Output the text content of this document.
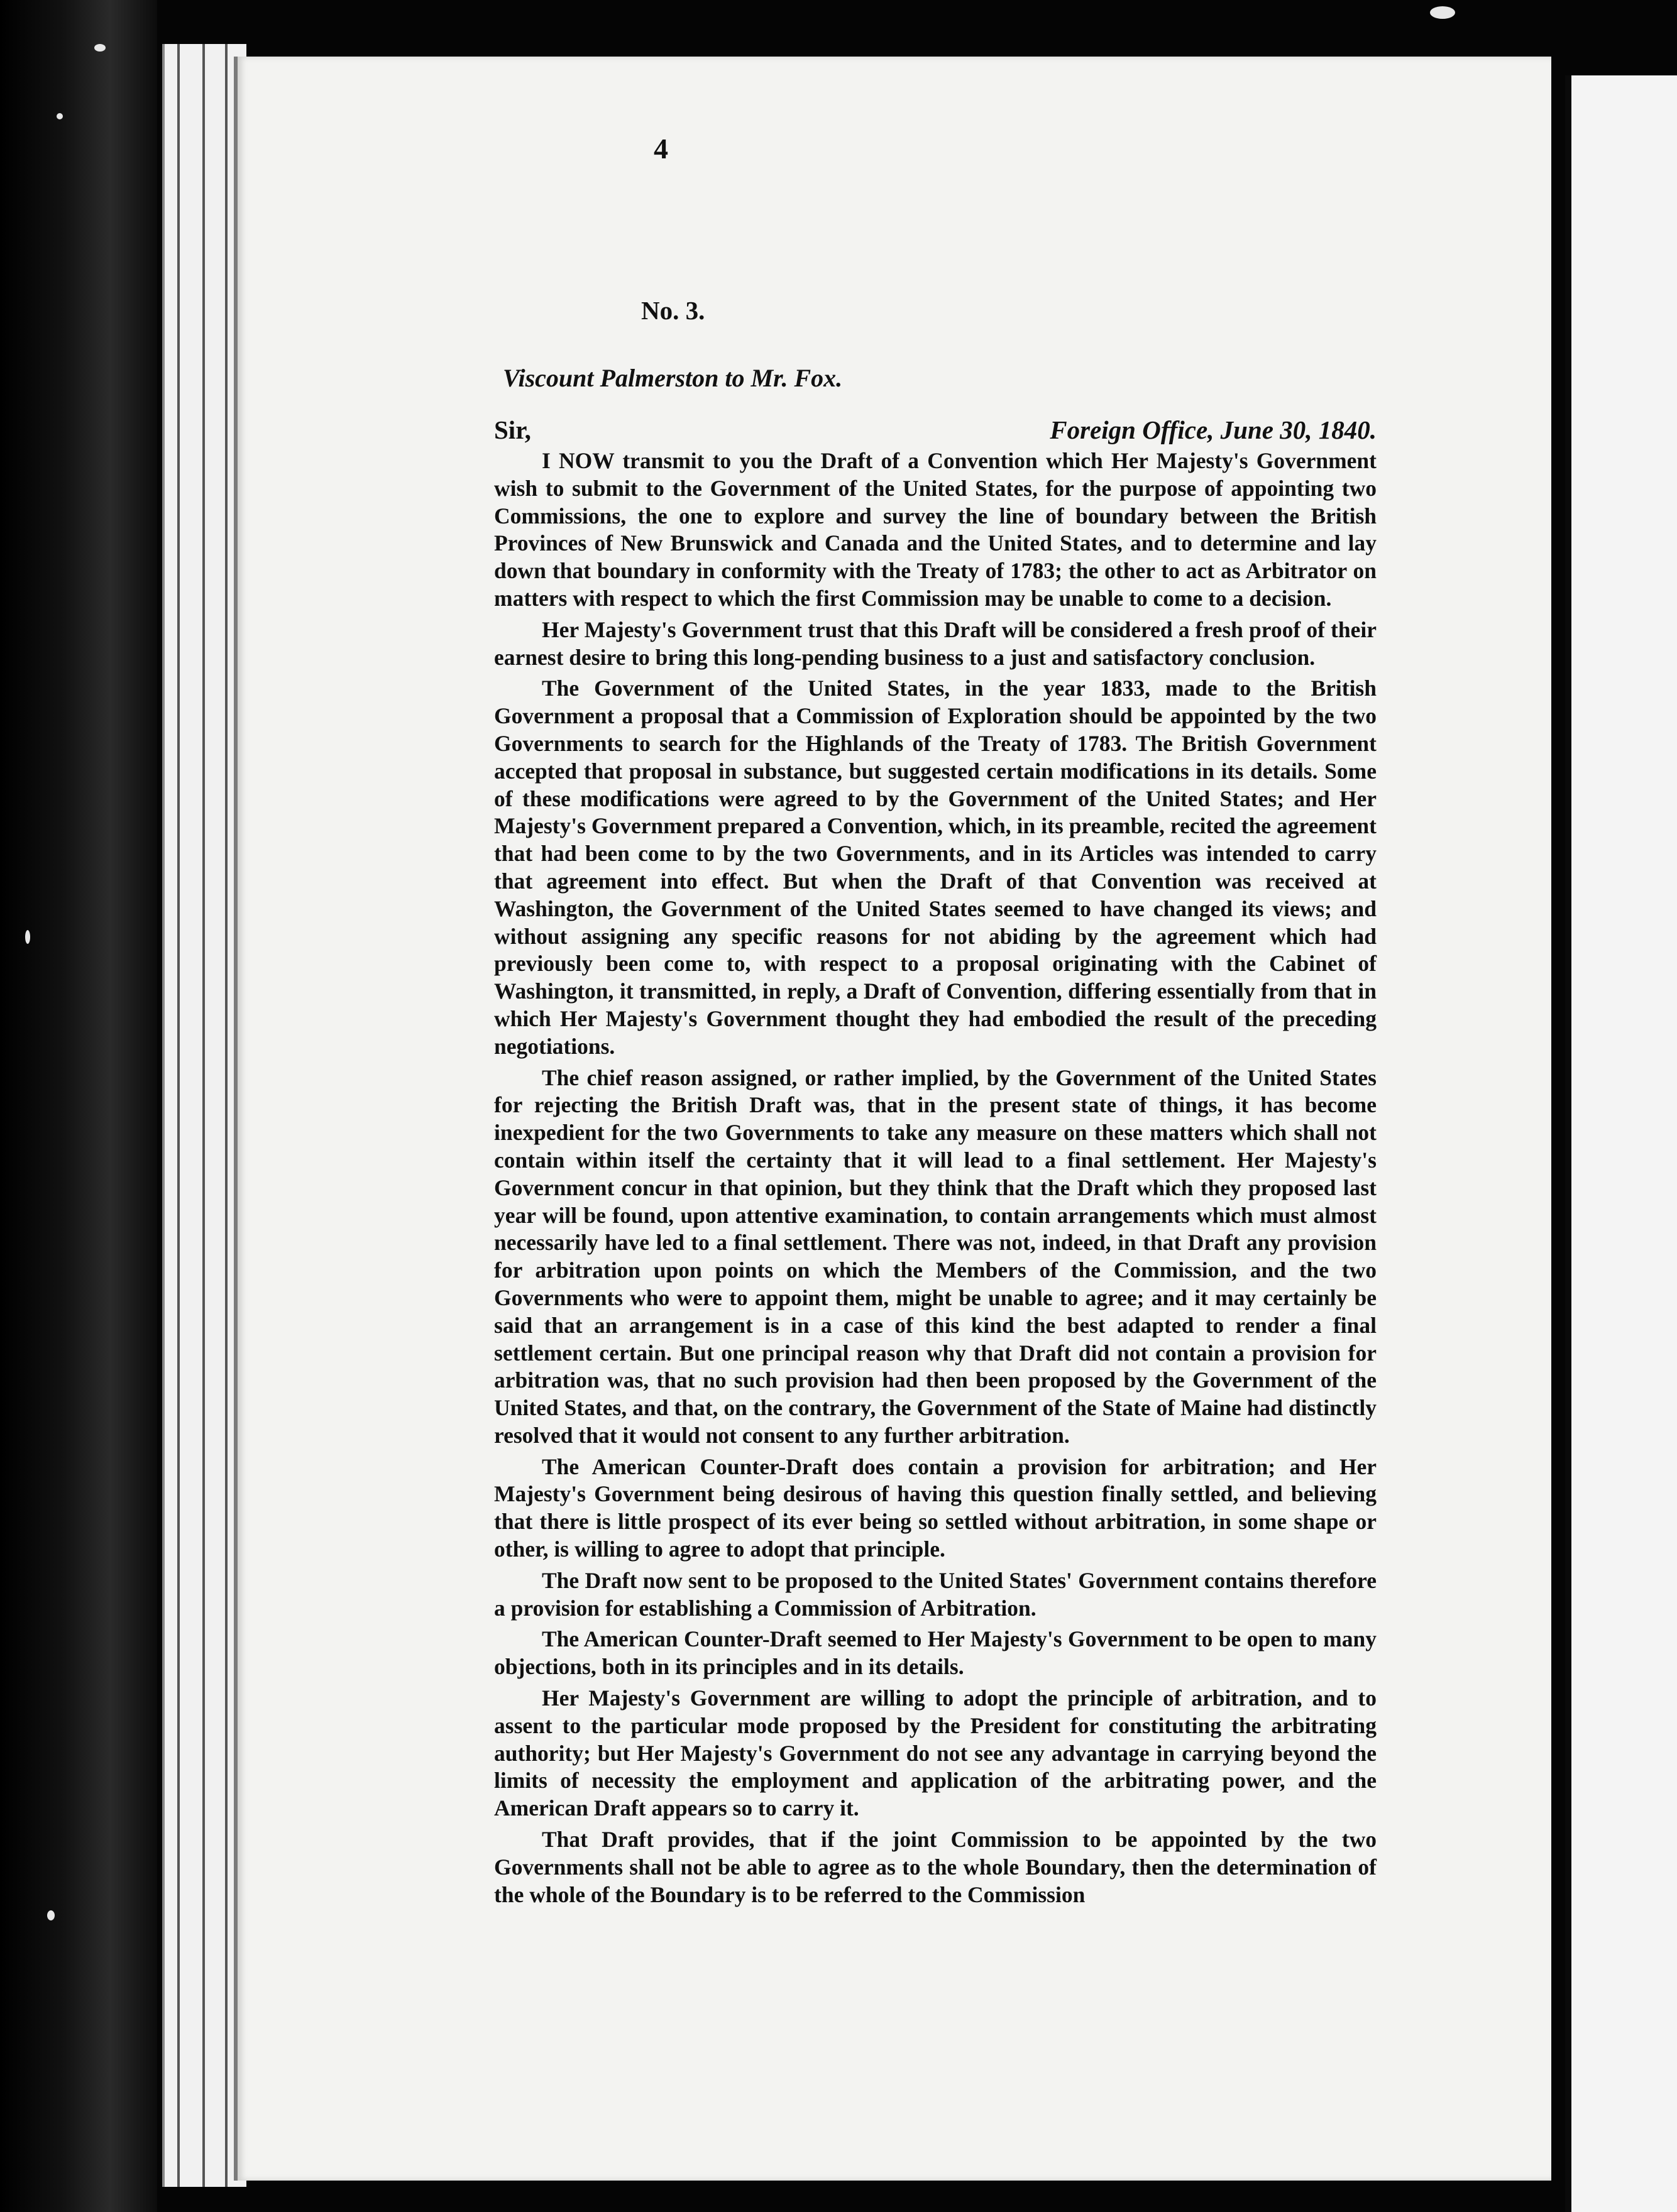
4
No. 3.
Viscount Palmerston to Mr. Fox.
Sir,	Foreign Office, June 30, 1840.

I NOW transmit to you the Draft of a Convention which Her Majesty's Government wish to submit to the Government of the United States, for the purpose of appointing two Commissions, the one to explore and survey the line of boundary between the British Provinces of New Brunswick and Canada and the United States, and to determine and lay down that boundary in conformity with the Treaty of 1783; the other to act as Arbitrator on matters with respect to which the first Commission may be unable to come to a decision.

Her Majesty's Government trust that this Draft will be considered a fresh proof of their earnest desire to bring this long-pending business to a just and satisfactory conclusion.

The Government of the United States, in the year 1833, made to the British Government a proposal that a Commission of Exploration should be appointed by the two Governments to search for the Highlands of the Treaty of 1783. The British Government accepted that proposal in substance, but suggested certain modifications in its details. Some of these modifications were agreed to by the Government of the United States; and Her Majesty's Government prepared a Convention, which, in its preamble, recited the agreement that had been come to by the two Governments, and in its Articles was intended to carry that agreement into effect. But when the Draft of that Convention was received at Washington, the Government of the United States seemed to have changed its views; and without assigning any specific reasons for not abiding by the agreement which had previously been come to, with respect to a proposal originating with the Cabinet of Washington, it transmitted, in reply, a Draft of Convention, differing essentially from that in which Her Majesty's Government thought they had embodied the result of the preceding negotiations.

The chief reason assigned, or rather implied, by the Government of the United States for rejecting the British Draft was, that in the present state of things, it has become inexpedient for the two Governments to take any measure on these matters which shall not contain within itself the certainty that it will lead to a final settlement. Her Majesty's Government concur in that opinion, but they think that the Draft which they proposed last year will be found, upon attentive examination, to contain arrangements which must almost necessarily have led to a final settlement. There was not, indeed, in that Draft any provision for arbitration upon points on which the Members of the Commission, and the two Governments who were to appoint them, might be unable to agree; and it may certainly be said that an arrangement is in a case of this kind the best adapted to render a final settlement certain. But one principal reason why that Draft did not contain a provision for arbitration was, that no such provision had then been proposed by the Government of the United States, and that, on the contrary, the Government of the State of Maine had distinctly resolved that it would not consent to any further arbitration.

The American Counter-Draft does contain a provision for arbitration; and Her Majesty's Government being desirous of having this question finally settled, and believing that there is little prospect of its ever being so settled without arbitration, in some shape or other, is willing to agree to adopt that principle.

The Draft now sent to be proposed to the United States' Government contains therefore a provision for establishing a Commission of Arbitration.

The American Counter-Draft seemed to Her Majesty's Government to be open to many objections, both in its principles and in its details.

Her Majesty's Government are willing to adopt the principle of arbitration, and to assent to the particular mode proposed by the President for constituting the arbitrating authority; but Her Majesty's Government do not see any advantage in carrying beyond the limits of necessity the employment and application of the arbitrating power, and the American Draft appears so to carry it.

That Draft provides, that if the joint Commission to be appointed by the two Governments shall not be able to agree as to the whole Boundary, then the determination of the whole of the Boundary is to be referred to the Commission
